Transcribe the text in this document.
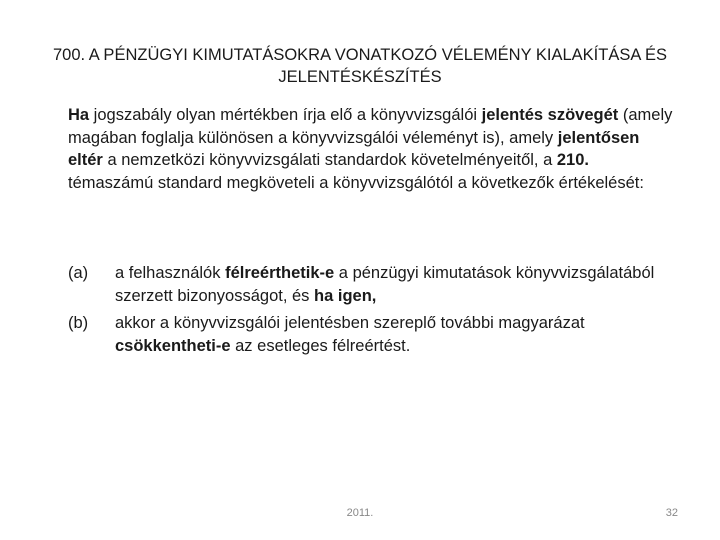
700. A PÉNZÜGYI KIMUTATÁSOKRA VONATKOZÓ VÉLEMÉNY KIALAKÍTÁSA ÉS JELENTÉSKÉSZÍTÉS
Ha jogszabály olyan mértékben írja elő a könyvvizsgálói jelentés szövegét (amely magában foglalja különösen a könyvvizsgálói véleményt is), amely jelentősen eltér a nemzetközi könyvvizsgálati standardok követelményeitől, a 210. témaszámú standard megköveteli a könyvvizsgálótól a következők értékelését:
(a) a felhasználók félreérthetik-e a pénzügyi kimutatások könyvvizsgálatából szerzett bizonyosságot, és ha igen,
(b) akkor a könyvvizsgálói jelentésben szereplő további magyarázat csökkentheti-e az esetleges félreértést.
2011.	32
